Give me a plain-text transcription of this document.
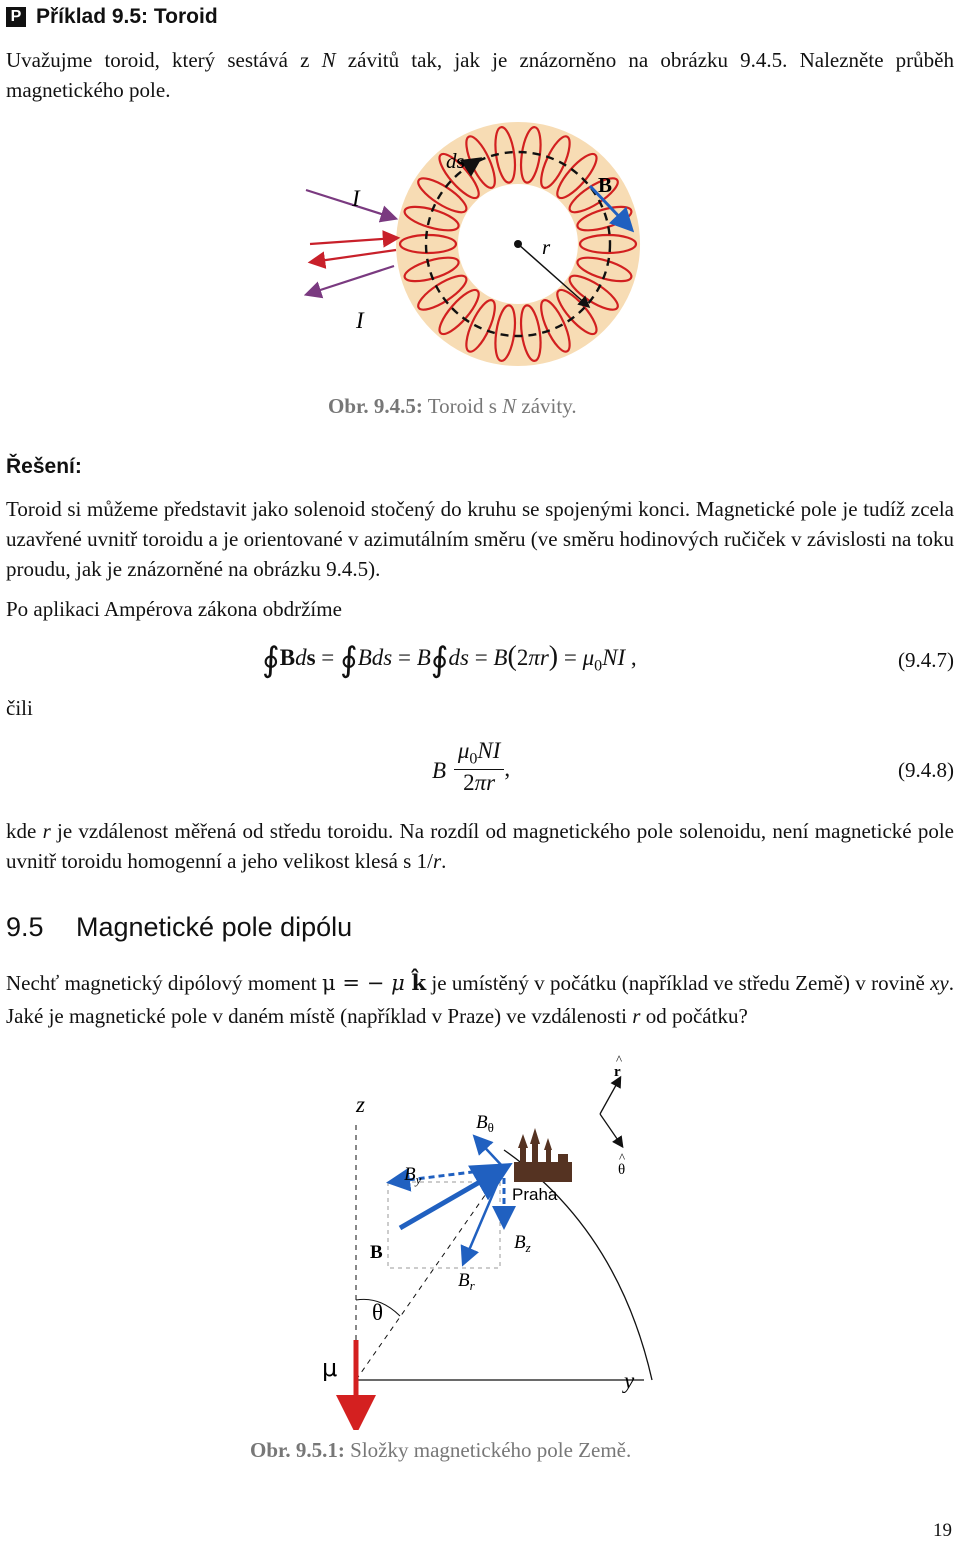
P Příklad 9.5: Toroid
Uvažujme toroid, který sestává z N závitů tak, jak je znázorněno na obrázku 9.4.5. Nalezněte průběh magnetického pole.
ds
B
I
I
r
Obr. 9.4.5: Toroid s N závity.
Řešení:
Toroid si můžeme představit jako solenoid stočený do kruhu se spojenými konci. Magnetické pole je tudíž zcela uzavřené uvnitř toroidu a je orientované v azimutálním směru (ve směru hodinových ručiček v závislosti na toku proudu, jak je znázorněné na obrázku 9.4.5).
Po aplikaci Ampérova zákona obdržíme
∮Bds = ∮Bds = B∮ds = $B(2\pi r) = \mu_0NI$ ,	(9.4.7)
čili
B $\frac{\mu_0NI}{2\pi r}$ ,	(9.4.8)
kde r je vzdálenost měřená od středu toroidu. Na rozdíl od magnetického pole solenoidu, není magnetické pole uvnitř toroidu homogenní a jeho velikost klesá s 1/r.
9.5 Magnetické pole dipólu
Nechť magnetický dipólový moment μ = − μ k̂ je umístěný v počátku (například ve středu Země) v rovině xy. Jaké je magnetické pole v daném místě (například v Praze) ve vzdálenosti r od počátku?
z
y
θ
μ
B
$B_\theta$
$B_y$
$B_z$
$B_r$
Praha
r
θ
^
^
Obr. 9.5.1: Složky magnetického pole Země.
19
